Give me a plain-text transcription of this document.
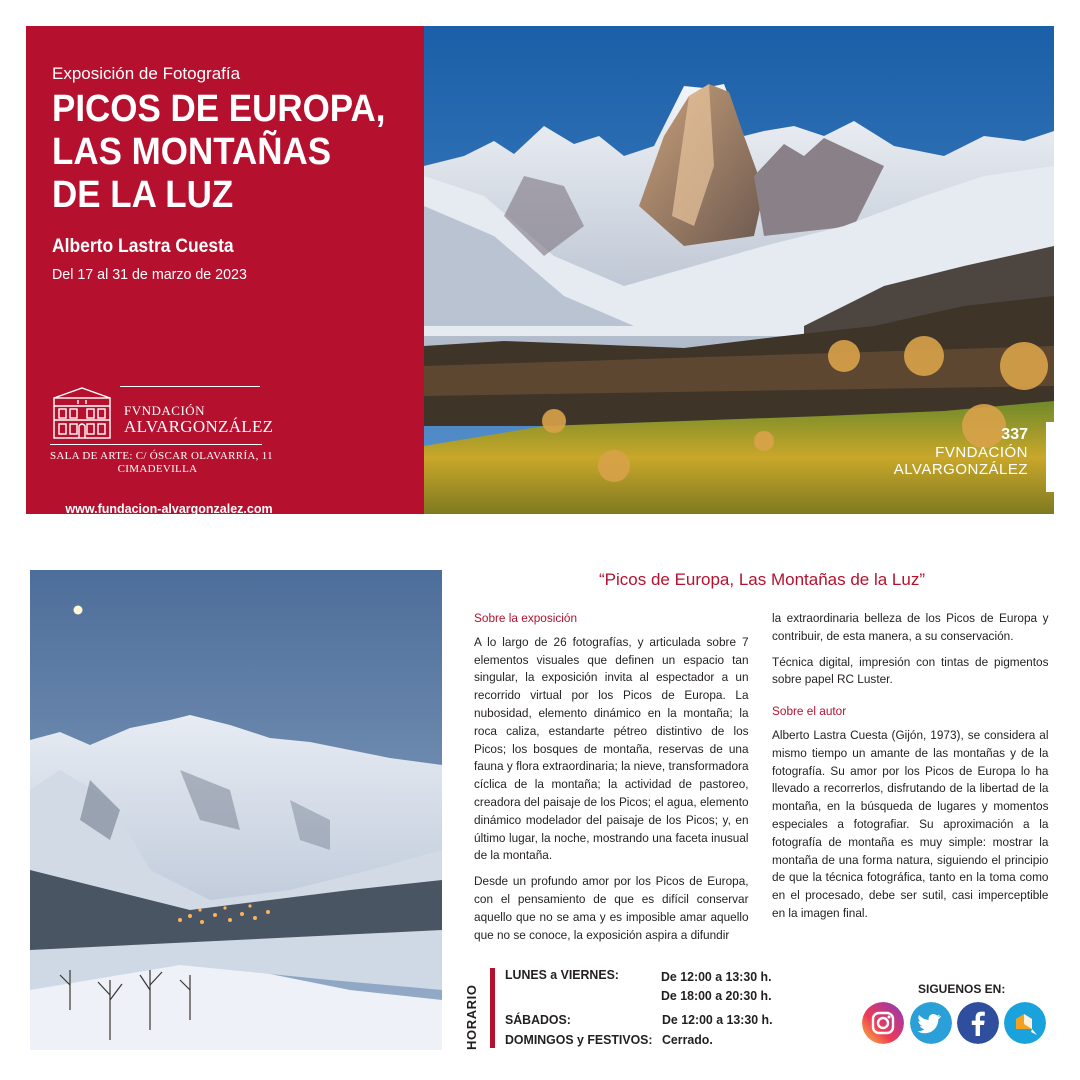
Exposición de Fotografía
PICOS DE EUROPA,
LAS MONTAÑAS
DE LA LUZ
Alberto Lastra Cuesta
Del 17 al 31 de marzo de 2023
FVNDACIÓN
ALVARGONZÁLEZ
SALA DE ARTE: C/ ÓSCAR OLAVARRÍA, 11
CIMADEVILLA
www.fundacion-alvargonzalez.com
337
FVNDACIÓN
ALVARGONZÁLEZ
“Picos de Europa, Las Montañas de la Luz”
Sobre la exposición
A lo largo de 26 fotografías, y articulada sobre 7 elementos visuales que definen un espacio tan singular, la exposición invita al espectador a un recorrido virtual por los Picos de Europa. La nubosidad, elemento dinámico en la montaña; la roca caliza, estandarte pétreo distintivo de los Picos; los bosques de montaña, reservas de una fauna y flora extraordinaria; la nieve, transformadora cíclica de la montaña; la actividad de pastoreo, creadora del paisaje de los Picos; el agua, elemento dinámico modelador del paisaje de los Picos; y, en último lugar, la noche, mostrando una faceta inusual de la montaña.
Desde un profundo amor por los Picos de Europa, con el pensamiento de que es difícil conservar aquello que no se ama y es imposible amar aquello que no se conoce, la exposición aspira a difundir
la extraordinaria belleza de los Picos de Europa y contribuir, de esta manera, a su conservación.
Técnica digital, impresión con tintas de pigmentos sobre papel RC Luster.
Sobre el autor
Alberto Lastra Cuesta (Gijón, 1973), se considera al mismo tiempo un amante de las montañas y de la fotografía. Su amor por los Picos de Europa lo ha llevado a recorrerlos, disfrutando de la libertad de la montaña, en la búsqueda de lugares y momentos especiales a fotografiar. Su aproximación a la fotografía de montaña es muy simple: mostrar la montaña de una forma natura, siguiendo el principio de que la técnica fotográfica, tanto en la toma como en el procesado, debe ser sutil, casi imperceptible en la imagen final.
HORARIO
LUNES a VIERNES:	De 12:00 a 13:30 h.
De 18:00 a 20:30 h.
SÁBADOS:	De 12:00 a 13:30 h.
DOMINGOS y FESTIVOS: Cerrado.
SIGUENOS EN:
